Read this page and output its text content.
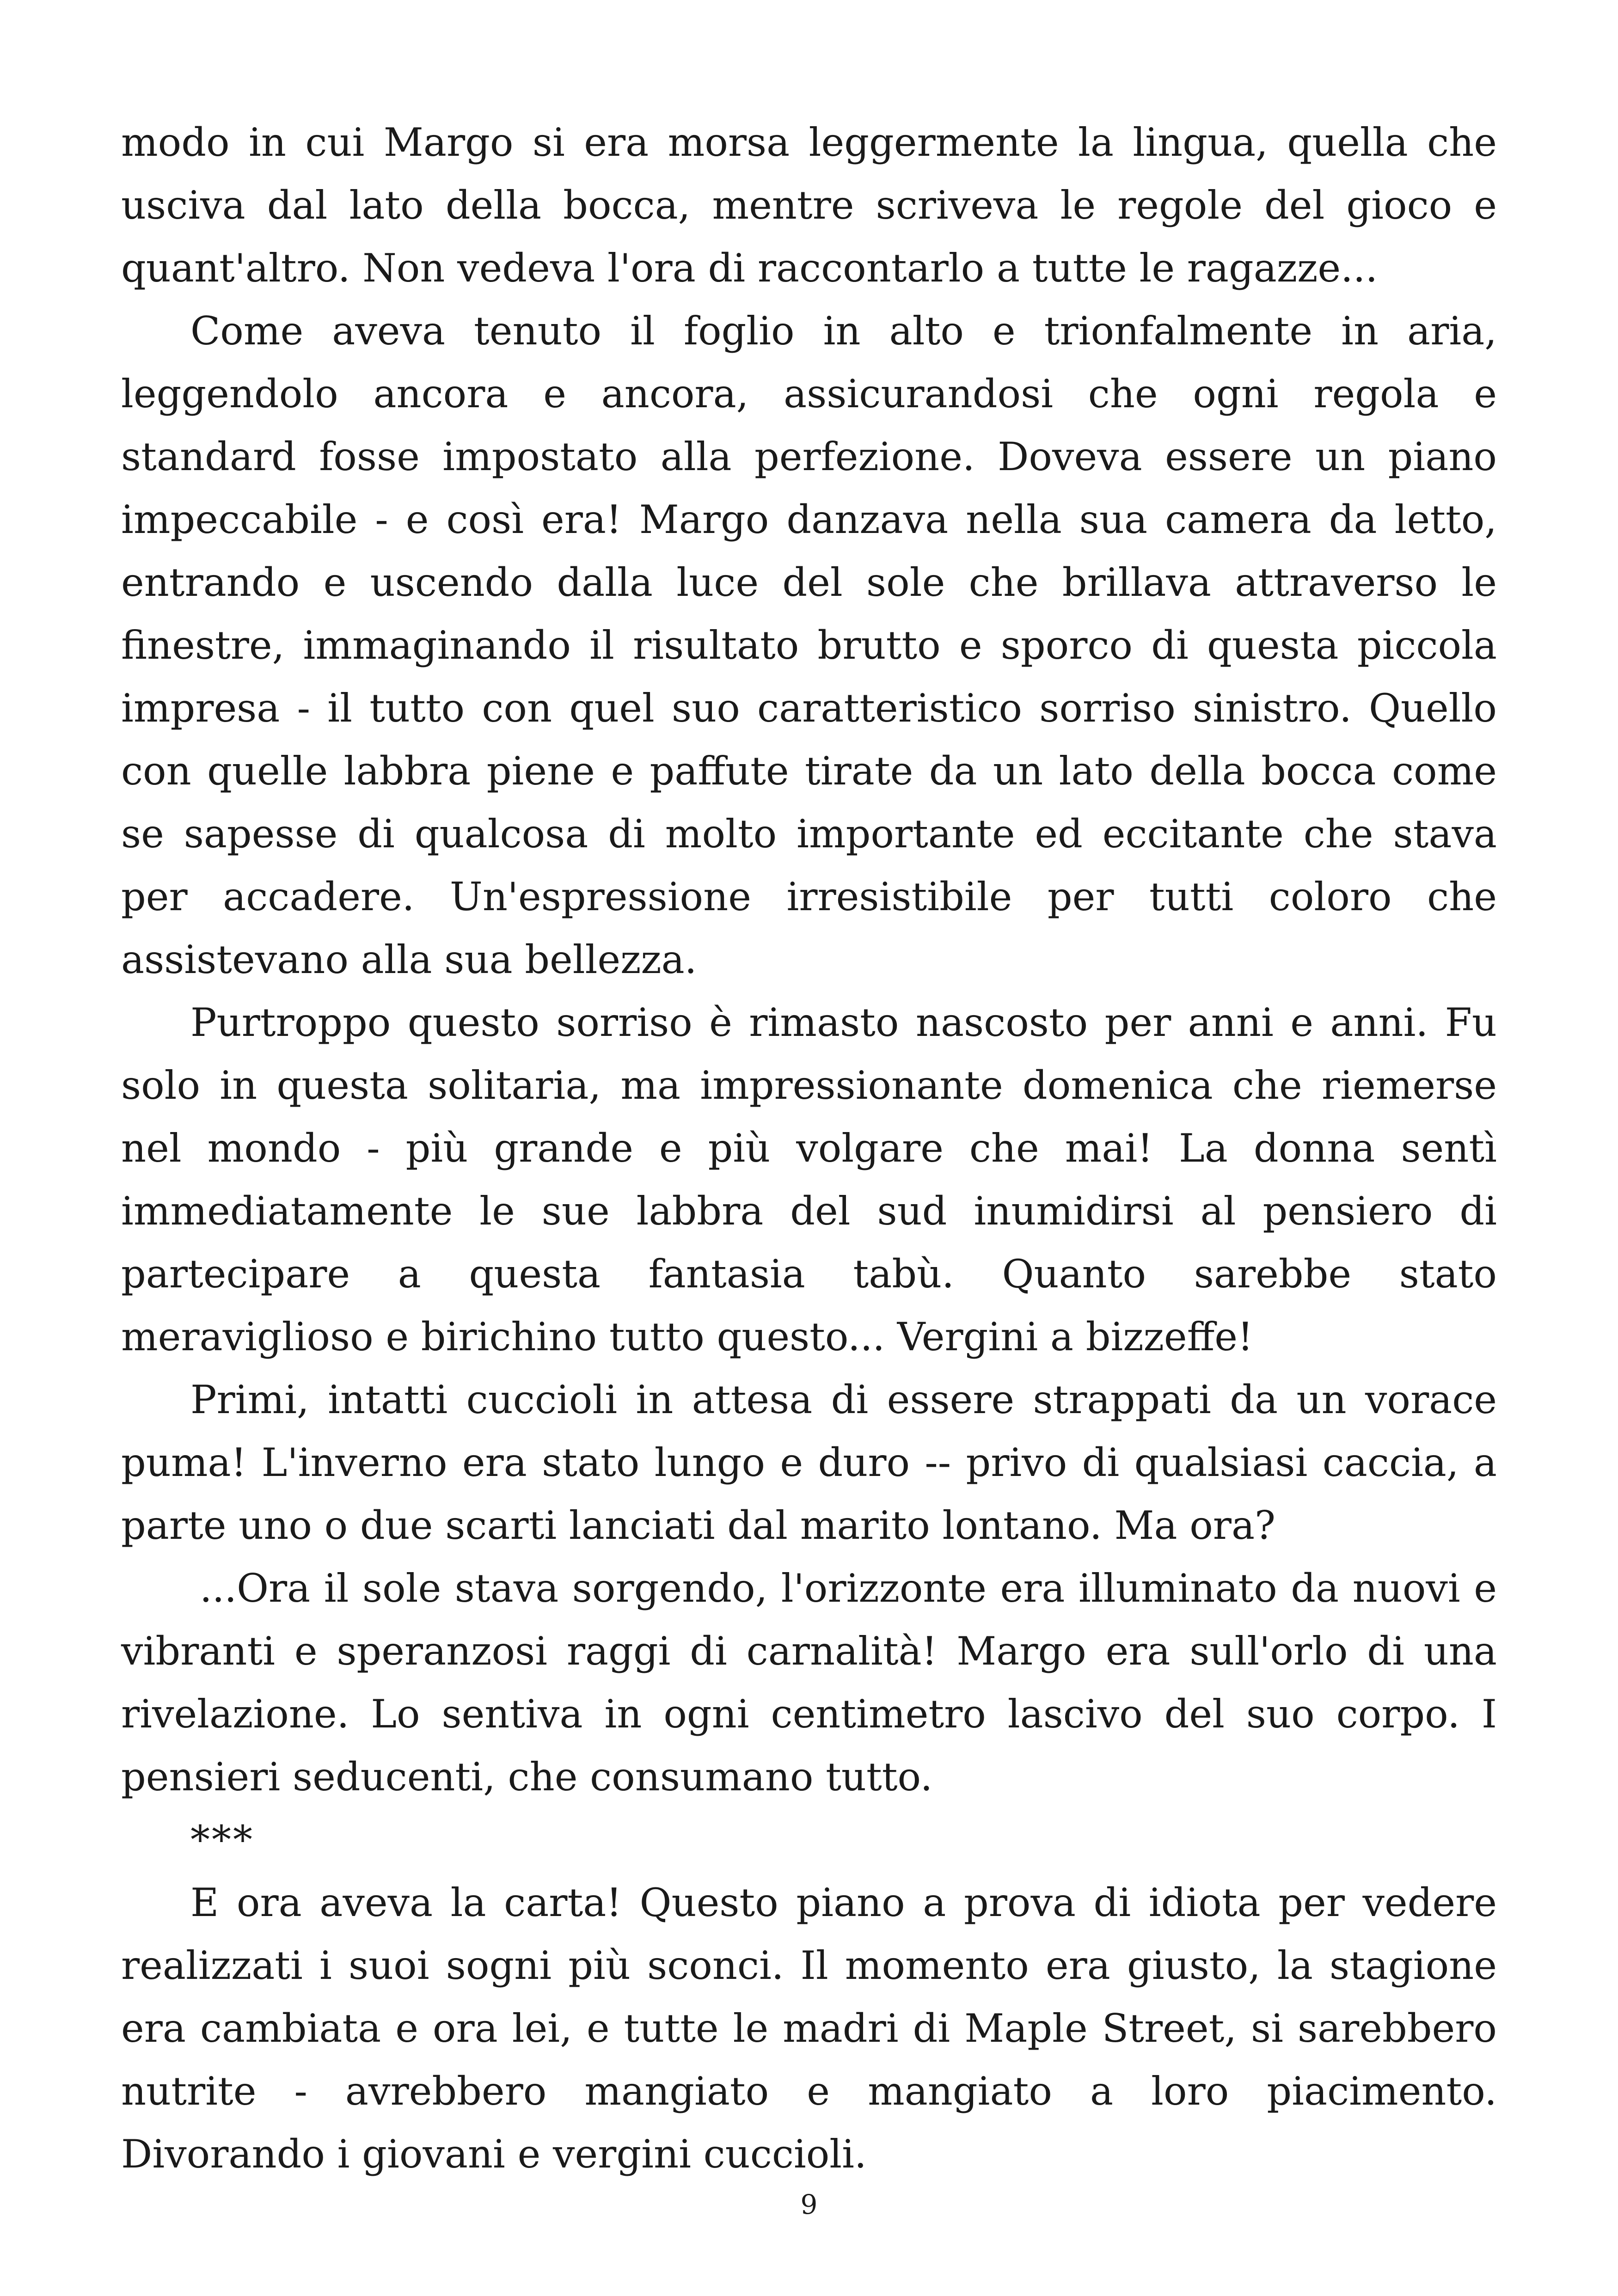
modo in cui Margo si era morsa leggermente la lingua, quella che usciva dal lato della bocca, mentre scriveva le regole del gioco e quant'altro. Non vedeva l'ora di raccontarlo a tutte le ragazze...

Come aveva tenuto il foglio in alto e trionfalmente in aria, leggendolo ancora e ancora, assicurandosi che ogni regola e standard fosse impostato alla perfezione. Doveva essere un piano impeccabile - e così era! Margo danzava nella sua camera da letto, entrando e uscendo dalla luce del sole che brillava attraverso le finestre, immaginando il risultato brutto e sporco di questa piccola impresa - il tutto con quel suo caratteristico sorriso sinistro. Quello con quelle labbra piene e paffute tirate da un lato della bocca come se sapesse di qualcosa di molto importante ed eccitante che stava per accadere. Un'espressione irresistibile per tutti coloro che assistevano alla sua bellezza.

Purtroppo questo sorriso è rimasto nascosto per anni e anni. Fu solo in questa solitaria, ma impressionante domenica che riemerse nel mondo - più grande e più volgare che mai! La donna sentì immediatamente le sue labbra del sud inumidirsi al pensiero di partecipare a questa fantasia tabù. Quanto sarebbe stato meraviglioso e birichino tutto questo... Vergini a bizzeffe!

Primi, intatti cuccioli in attesa di essere strappati da un vorace puma! L'inverno era stato lungo e duro -- privo di qualsiasi caccia, a parte uno o due scarti lanciati dal marito lontano. Ma ora?

...Ora il sole stava sorgendo, l'orizzonte era illuminato da nuovi e vibranti e speranzosi raggi di carnalità! Margo era sull'orlo di una rivelazione. Lo sentiva in ogni centimetro lascivo del suo corpo. I pensieri seducenti, che consumano tutto.

***

E ora aveva la carta! Questo piano a prova di idiota per vedere realizzati i suoi sogni più sconci. Il momento era giusto, la stagione era cambiata e ora lei, e tutte le madri di Maple Street, si sarebbero nutrite - avrebbero mangiato e mangiato a loro piacimento. Divorando i giovani e vergini cuccioli.

9
